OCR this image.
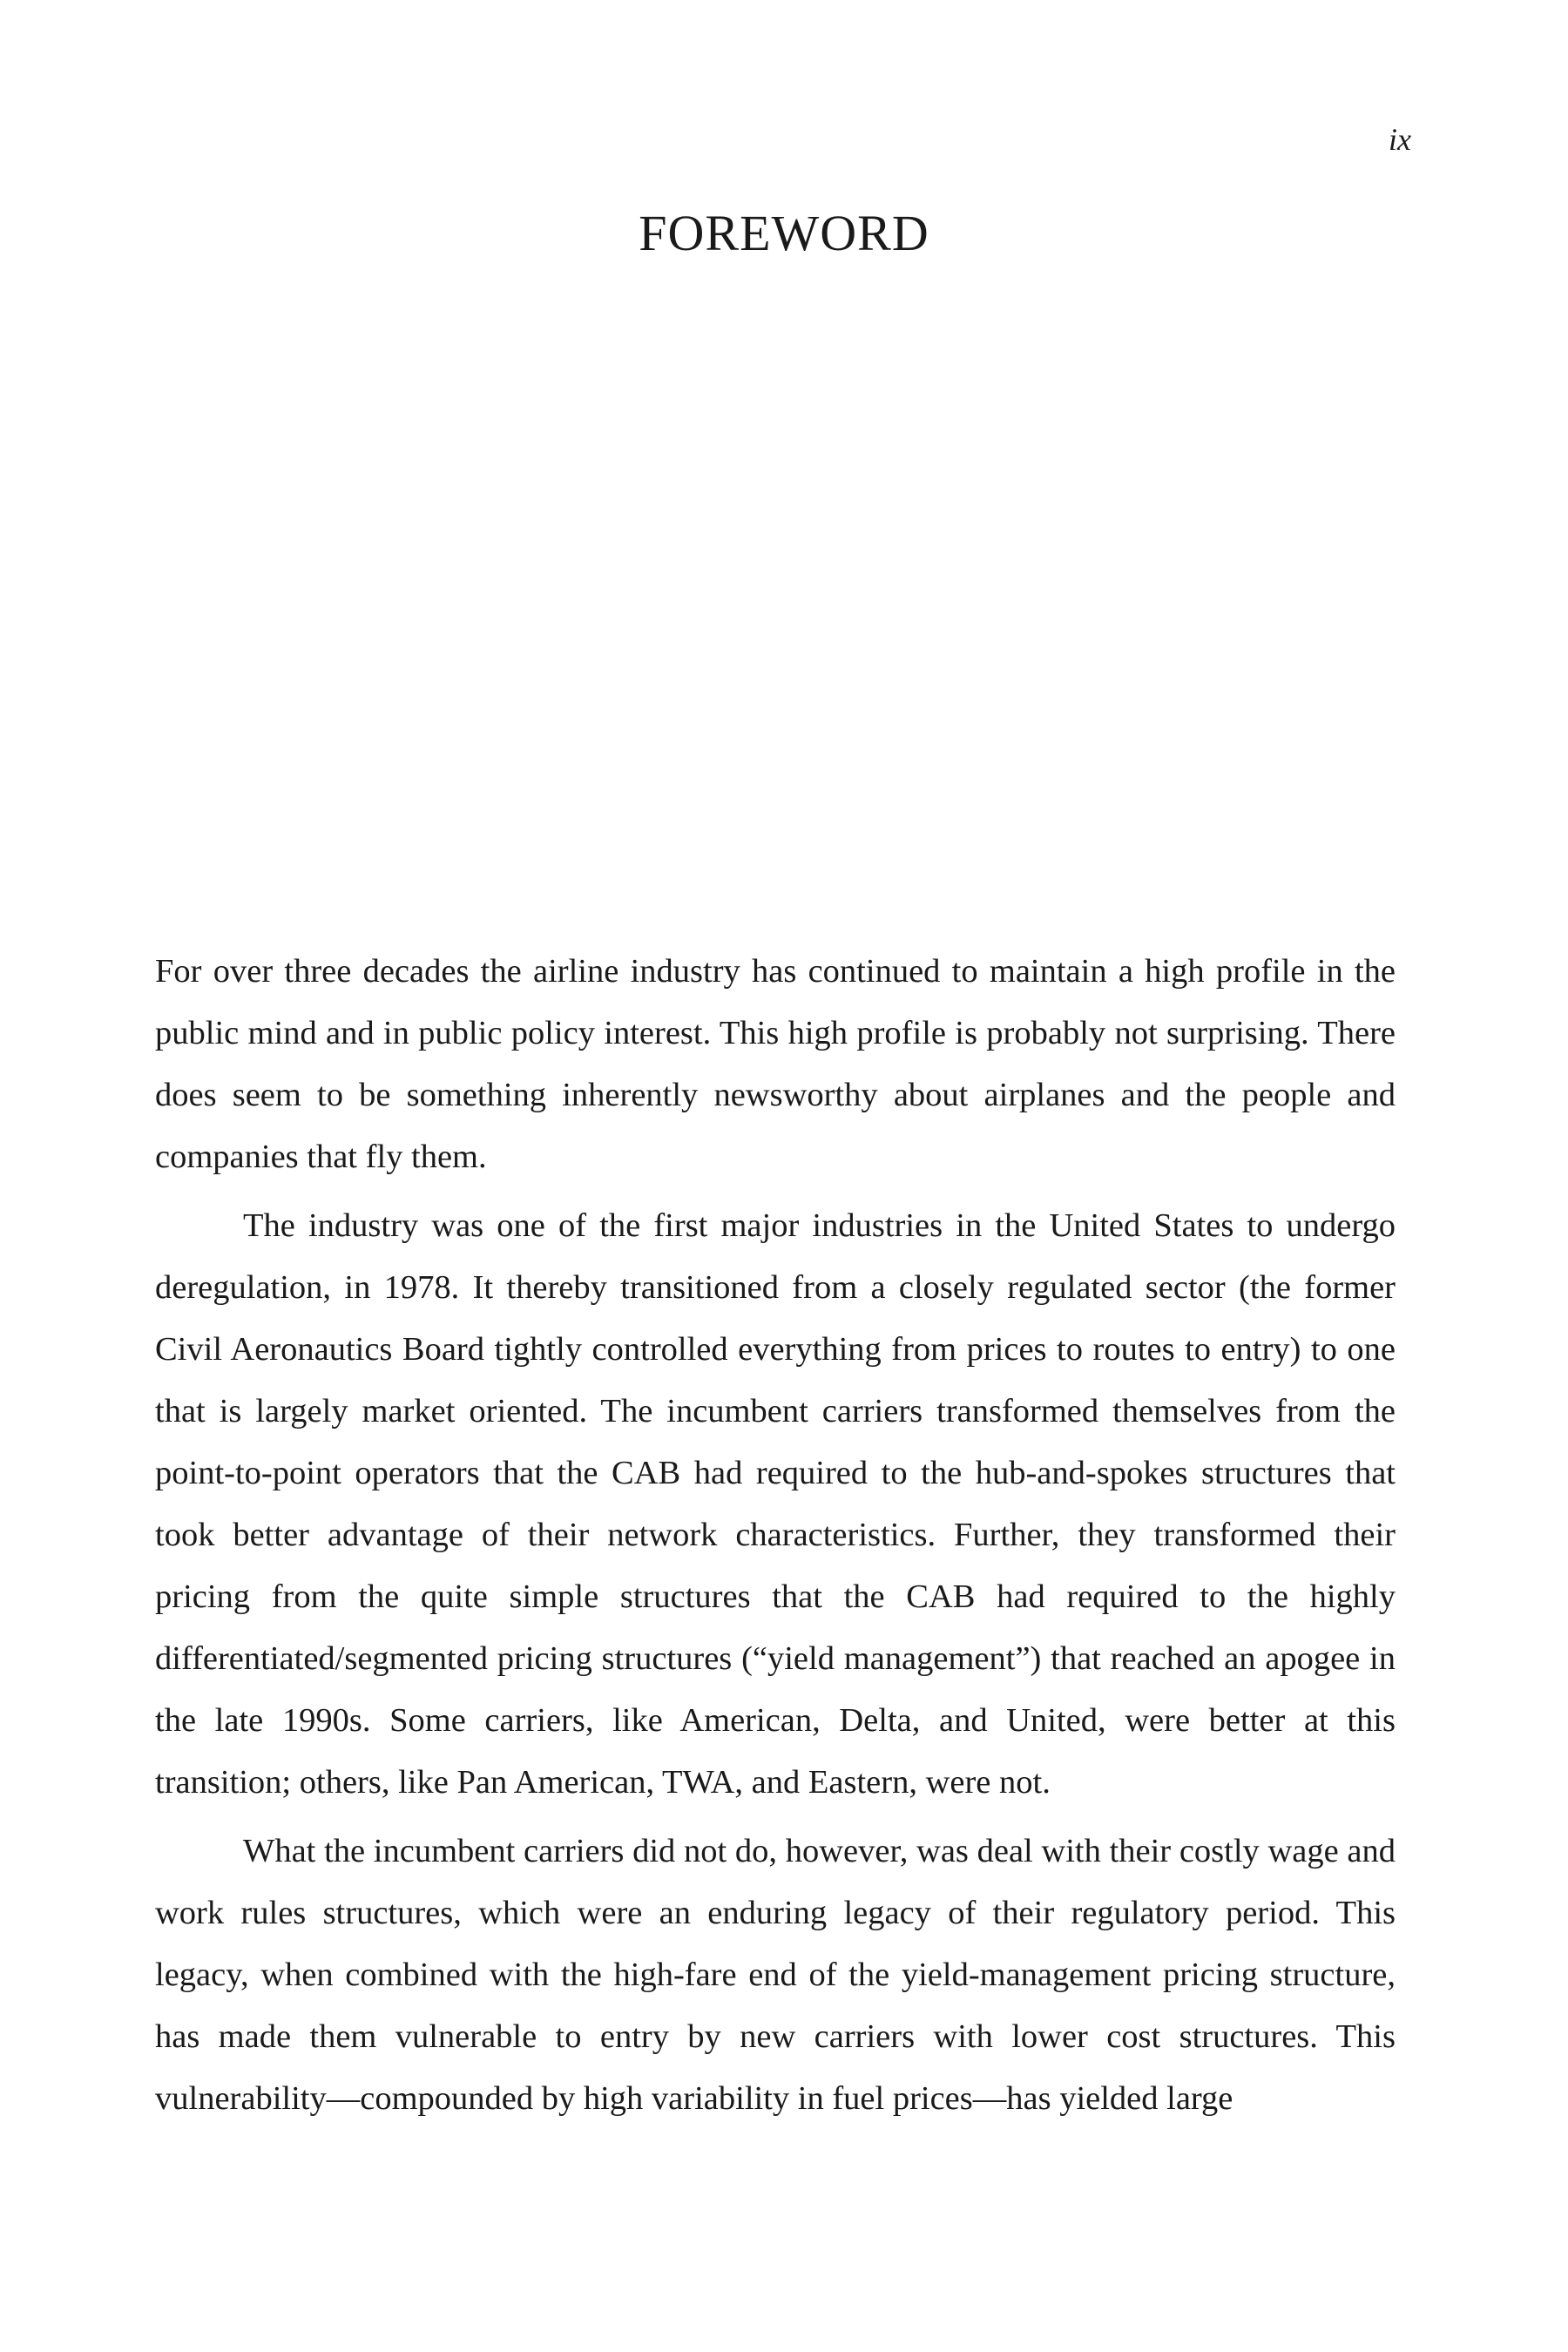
ix
FOREWORD

For over three decades the airline industry has continued to maintain a high profile in the public mind and in public policy interest. This high profile is probably not surprising. There does seem to be something inherently newsworthy about airplanes and the people and companies that fly them.

The industry was one of the first major industries in the United States to undergo deregulation, in 1978. It thereby transitioned from a closely regulated sector (the former Civil Aeronautics Board tightly controlled everything from prices to routes to entry) to one that is largely market oriented. The incumbent carriers transformed themselves from the point-to-point operators that the CAB had required to the hub-and-spokes structures that took better advantage of their network characteristics. Further, they transformed their pricing from the quite simple structures that the CAB had required to the highly differentiated/segmented pricing structures (“yield management”) that reached an apogee in the late 1990s. Some carriers, like American, Delta, and United, were better at this transition; others, like Pan American, TWA, and Eastern, were not.

What the incumbent carriers did not do, however, was deal with their costly wage and work rules structures, which were an enduring legacy of their regulatory period. This legacy, when combined with the high-fare end of the yield-management pricing structure, has made them vulnerable to entry by new carriers with lower cost structures. This vulnerability—compounded by high variability in fuel prices—has yielded large
